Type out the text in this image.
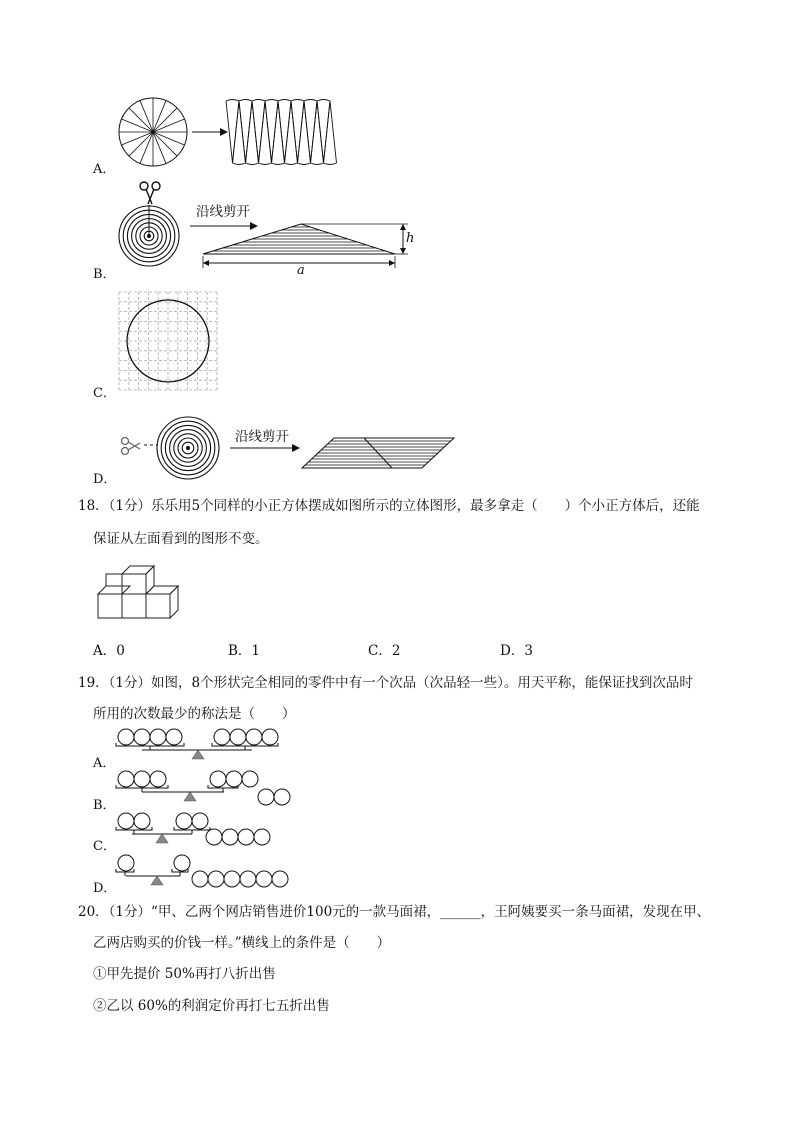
A．
沿线剪开
h
a
B．
C．
沿线剪开
D．
18．（1分）乐乐用5个同样的小正方体摆成如图所示的立体图形，最多拿走（　　）个小正方体后，还能
保证从左面看到的图形不变。
A．0	B．1	C．2	D．3
19．（1分）如图，8个形状完全相同的零件中有一个次品（次品轻一些）。用天平称，能保证找到次品时
所用的次数最少的称法是（　　）
A．
B．
C．
D．
20．（1分）“甲、乙两个网店销售进价100元的一款马面裙，______，王阿姨要买一条马面裙，发现在甲、
乙两店购买的价钱一样。”横线上的条件是（　　）
①甲先提价 50%再打八折出售
②乙以 60%的利润定价再打七五折出售
